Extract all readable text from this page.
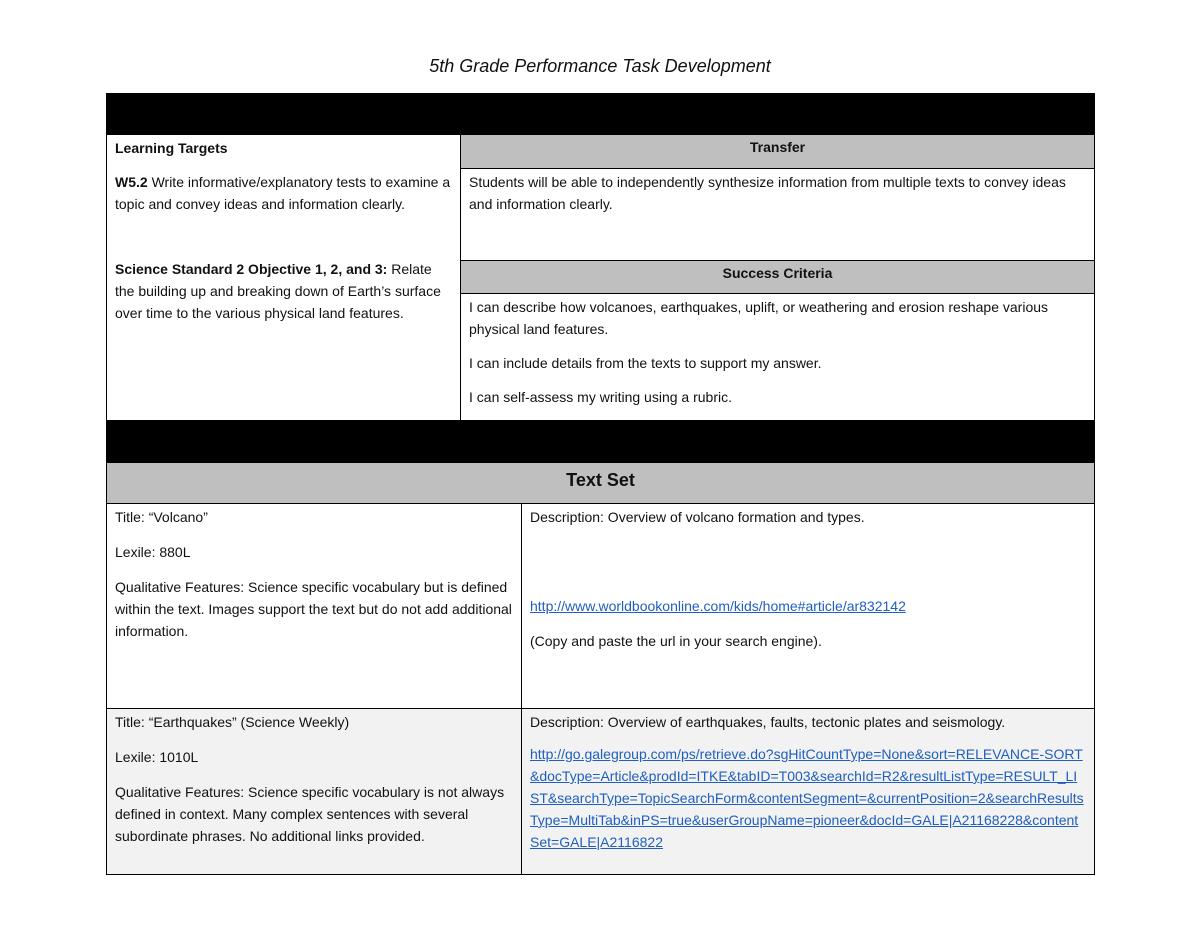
5th Grade Performance Task Development
Learning Targets

W5.2 Write informative/explanatory tests to examine a topic and convey ideas and information clearly.

Science Standard 2 Objective 1, 2, and 3: Relate the building up and breaking down of Earth’s surface over time to the various physical land features.

Transfer

Students will be able to independently synthesize information from multiple texts to convey ideas and information clearly.

Success Criteria

I can describe how volcanoes, earthquakes, uplift, or weathering and erosion reshape various physical land features.

I can include details from the texts to support my answer.

I can self-assess my writing using a rubric.

Text Set

Title: “Volcano”

Lexile: 880L

Qualitative Features: Science specific vocabulary but is defined within the text. Images support the text but do not add additional information.

Description: Overview of volcano formation and types.

http://www.worldbookonline.com/kids/home#article/ar832142

(Copy and paste the url in your search engine).

Title: “Earthquakes” (Science Weekly)

Lexile: 1010L

Qualitative Features: Science specific vocabulary is not always defined in context. Many complex sentences with several subordinate phrases. No additional links provided.

Description: Overview of earthquakes, faults, tectonic plates and seismology.

http://go.galegroup.com/ps/retrieve.do?sgHitCountType=None&sort=RELEVANCE-SORT&docType=Article&prodId=ITKE&tabID=T003&searchId=R2&resultListType=RESULT_LIST&searchType=TopicSearchForm&contentSegment=&currentPosition=2&searchResultsType=MultiTab&inPS=true&userGroupName=pioneer&docId=GALE|A21168228&contentSet=GALE|A2116822
